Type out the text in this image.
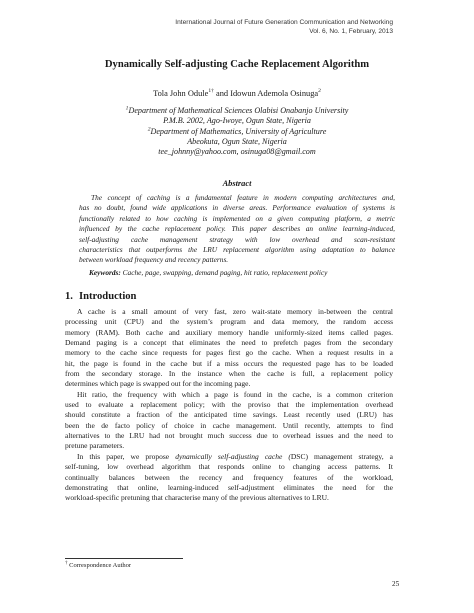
International Journal of Future Generation Communication and Networking
Vol. 6, No. 1, February, 2013
Dynamically Self-adjusting Cache Replacement Algorithm
Tola John Odule$^{1\dagger}$ and Idowun Ademola Osinuga$^2$
$^1$Department of Mathematical Sciences Olabisi Onabanjo University
P.M.B. 2002, Ago-Iwoye, Ogun State, Nigeria
$^2$Department of Mathematics, University of Agriculture
Abeokuta, Ogun State, Nigeria
tee_johnny@yahoo.com, osinuga08@gmail.com
Abstract
The concept of caching is a fundamental feature in modern computing architectures and,
has no doubt, found wide applications in diverse areas. Performance evaluation of systems is
functionally related to how caching is implemented on a given computing platform, a metric
influenced by the cache replacement policy. This paper describes an online learning-induced,
self-adjusting cache management strategy with low overhead and scan-resistant
characteristics that outperforms the LRU replacement algorithm using adaptation to balance
between workload frequency and recency patterns.
Keywords: Cache, page, swapping, demand paging, hit ratio, replacement policy
1. Introduction
A cache is a small amount of very fast, zero wait-state memory in-between the central
processing unit (CPU) and the system’s program and data memory, the random access
memory (RAM). Both cache and auxiliary memory handle uniformly-sized items called pages.
Demand paging is a concept that eliminates the need to prefetch pages from the secondary
memory to the cache since requests for pages first go the cache. When a request results in a
hit, the page is found in the cache but if a miss occurs the requested page has to be loaded
from the secondary storage. In the instance when the cache is full, a replacement policy
determines which page is swapped out for the incoming page.
Hit ratio, the frequency with which a page is found in the cache, is a common criterion
used to evaluate a replacement policy; with the proviso that the implementation overhead
should constitute a fraction of the anticipated time savings. Least recently used (LRU) has
been the de facto policy of choice in cache management. Until recently, attempts to find
alternatives to the LRU had not brought much success due to overhead issues and the need to
pretune parameters.
In this paper, we propose dynamically self-adjusting cache (DSC) management strategy, a
self-tuning, low overhead algorithm that responds online to changing access patterns. It
continually balances between the recency and frequency features of the workload,
demonstrating that online, learning-induced self-adjustment eliminates the need for the
workload-specific pretuning that characterise many of the previous alternatives to LRU.
† Correspondence Author
25
